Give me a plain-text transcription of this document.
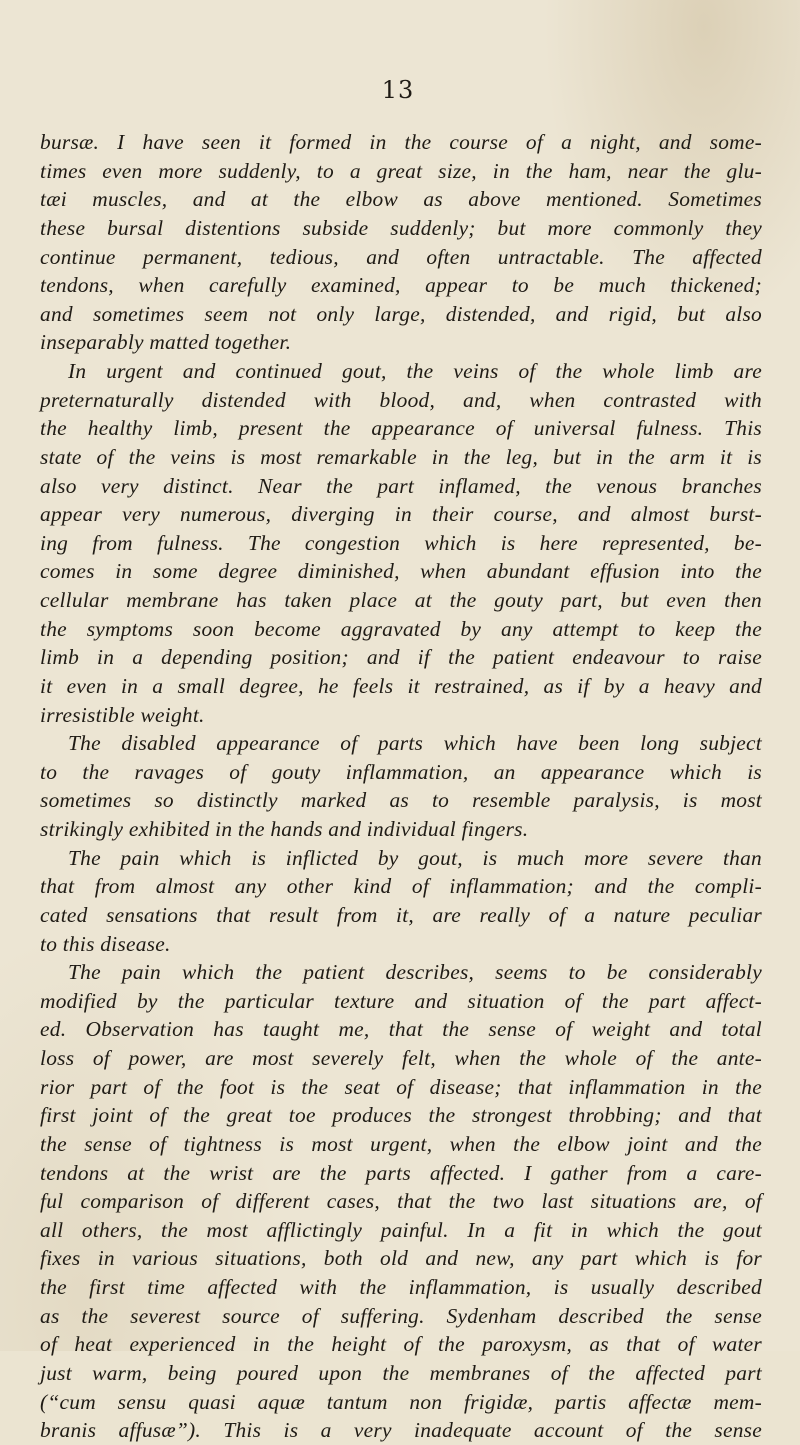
13
bursæ. I have seen it formed in the course of a night, and some-
times even more suddenly, to a great size, in the ham, near the glu-
tæi muscles, and at the elbow as above mentioned. Sometimes
these bursal distentions subside suddenly; but more commonly they
continue permanent, tedious, and often untractable. The affected
tendons, when carefully examined, appear to be much thickened;
and sometimes seem not only large, distended, and rigid, but also
inseparably matted together.
In urgent and continued gout, the veins of the whole limb are
preternaturally distended with blood, and, when contrasted with
the healthy limb, present the appearance of universal fulness. This
state of the veins is most remarkable in the leg, but in the arm it is
also very distinct. Near the part inflamed, the venous branches
appear very numerous, diverging in their course, and almost burst-
ing from fulness. The congestion which is here represented, be-
comes in some degree diminished, when abundant effusion into the
cellular membrane has taken place at the gouty part, but even then
the symptoms soon become aggravated by any attempt to keep the
limb in a depending position; and if the patient endeavour to raise
it even in a small degree, he feels it restrained, as if by a heavy and
irresistible weight.
The disabled appearance of parts which have been long subject
to the ravages of gouty inflammation, an appearance which is
sometimes so distinctly marked as to resemble paralysis, is most
strikingly exhibited in the hands and individual fingers.
The pain which is inflicted by gout, is much more severe than
that from almost any other kind of inflammation; and the compli-
cated sensations that result from it, are really of a nature peculiar
to this disease.
The pain which the patient describes, seems to be considerably
modified by the particular texture and situation of the part affect-
ed. Observation has taught me, that the sense of weight and total
loss of power, are most severely felt, when the whole of the ante-
rior part of the foot is the seat of disease; that inflammation in the
first joint of the great toe produces the strongest throbbing; and that
the sense of tightness is most urgent, when the elbow joint and the
tendons at the wrist are the parts affected. I gather from a care-
ful comparison of different cases, that the two last situations are, of
all others, the most afflictingly painful. In a fit in which the gout
fixes in various situations, both old and new, any part which is for
the first time affected with the inflammation, is usually described
as the severest source of suffering. Sydenham described the sense
of heat experienced in the height of the paroxysm, as that of water
just warm, being poured upon the membranes of the affected part
(“cum sensu quasi aquæ tantum non frigidæ, partis affectæ mem-
branis affusæ”). This is a very inadequate account of the sense
